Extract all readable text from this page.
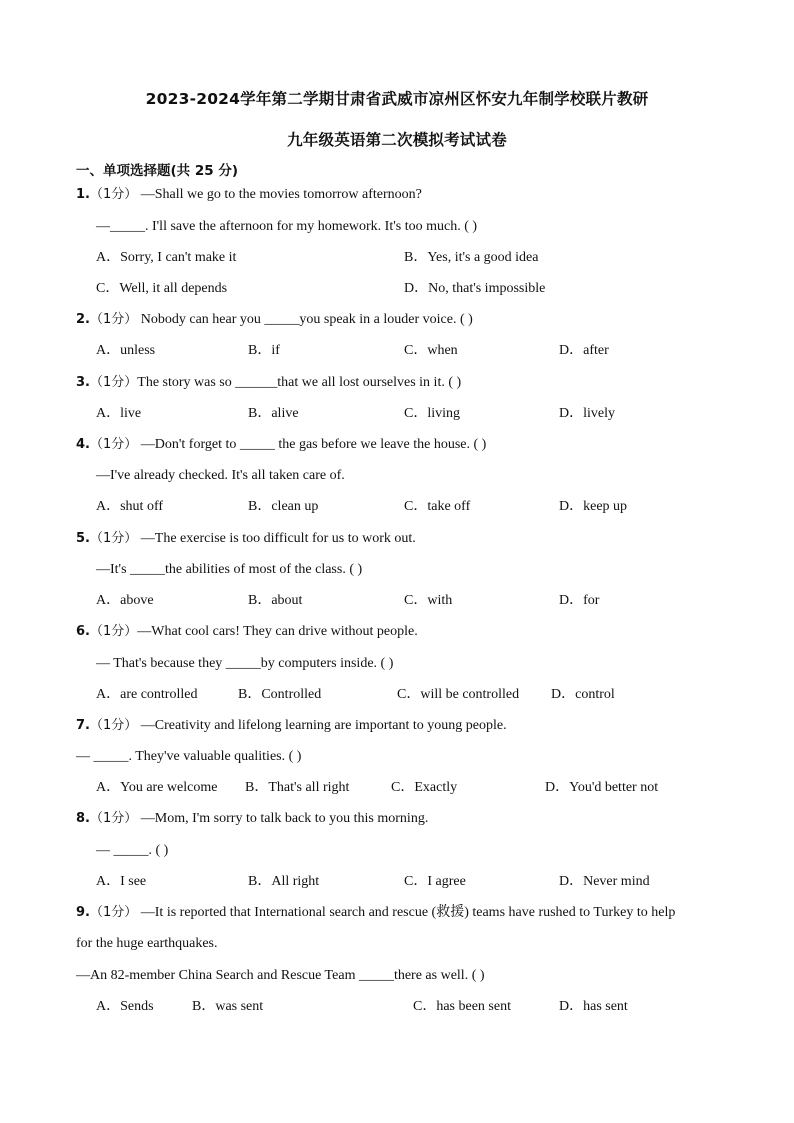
2023-2024学年第二学期甘肃省武威市凉州区怀安九年制学校联片教研
九年级英语第二次模拟考试试卷
一、单项选择题(共 25 分)
1.（1分） —Shall we go to the movies tomorrow afternoon?
—_____. I'll save the afternoon for my homework. It's too much. ( )
A．Sorry, I can't make it	B．Yes, it's a good idea
C．Well, it all depends	D．No, that's impossible
2.（1分） Nobody can hear you _____you speak in a louder voice. ( )
A．unless	B．if	C．when	D．after
3.（1分）The story was so ______that we all lost ourselves in it. ( )
A．live	B．alive	C．living	D．lively
4.（1分） —Don't forget to _____ the gas before we leave the house. ( )
—I've already checked. It's all taken care of.
A．shut off	B．clean up	C．take off	D．keep up
5.（1分） —The exercise is too difficult for us to work out.
—It's _____the abilities of most of the class. ( )
A．above	B．about	C．with	D．for
6.（1分）—What cool cars! They can drive without people.
— That's because they _____by computers inside. ( )
A．are controlled	B．Controlled	C．will be controlled D．control
7.（1分） —Creativity and lifelong learning are important to young people.
— _____. They've valuable qualities. ( )
A．You are welcome B．That's all right	C．Exactly	D．You'd better not
8.（1分） —Mom, I'm sorry to talk back to you this morning.
— _____. ( )
A．I see	B．All right	C．I agree	D．Never mind
9.（1分） —It is reported that International search and rescue (救援) teams have rushed to Turkey to help
for the huge earthquakes.
—An 82-member China Search and Rescue Team _____there as well. ( )
A．Sends	B．was sent	C．has been sent	D．has sent
